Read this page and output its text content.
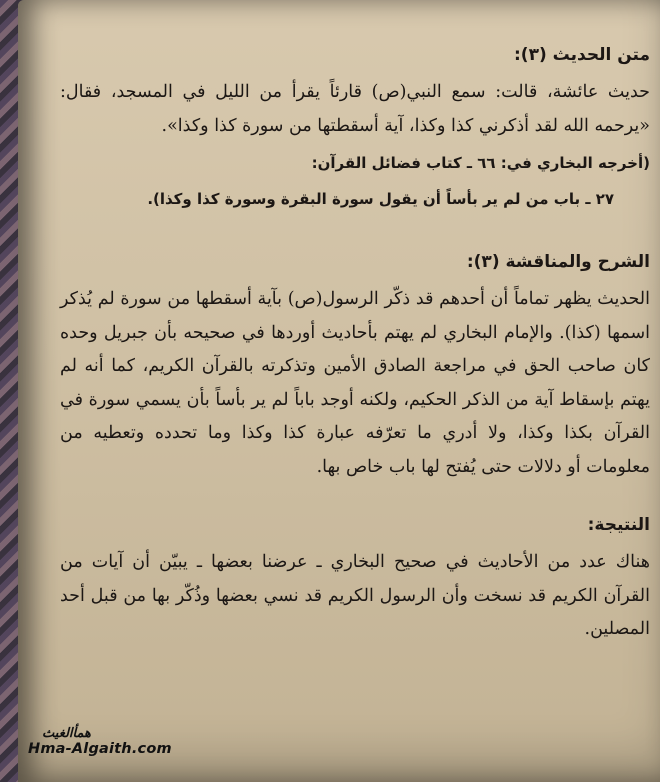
متن الحديث (٣):

حديث عائشة، قالت: سمع النبي(ص) قارئاً يقرأ من الليل في المسجد، فقال: «يرحمه الله لقد أذكرني كذا وكذا، آية أسقطتها من سورة كذا وكذا».

(أخرجه البخاري في: ٦٦ ـ كتاب فضائل القرآن:

٢٧ ـ باب من لم ير بأساً أن يقول سورة البقرة وسورة كذا وكذا).

الشرح والمناقشة (٣):

الحديث يظهر تماماً أن أحدهم قد ذكّر الرسول(ص) بآية أسقطها من سورة لم يُذكر اسمها (كذا). والإمام البخاري لم يهتم بأحاديث أوردها في صحيحه بأن جبريل وحده كان صاحب الحق في مراجعة الصادق الأمين وتذكرته بالقرآن الكريم، كما أنه لم يهتم بإسقاط آية من الذكر الحكيم، ولكنه أوجد باباً لم ير بأساً بأن يسمي سورة في القرآن بكذا وكذا، ولا أدري ما تعرّفه عبارة كذا وكذا وما تحدده وتعطيه من معلومات أو دلالات حتى يُفتح لها باب خاص بها.

النتيجة:

هناك عدد من الأحاديث في صحيح البخاري ـ عرضنا بعضها ـ يبيّن أن آيات من القرآن الكريم قد نسخت وأن الرسول الكريم قد نسي بعضها وذُكّر بها من قبل أحد المصلين.

همأالغيث
Hma-Algaith.com
